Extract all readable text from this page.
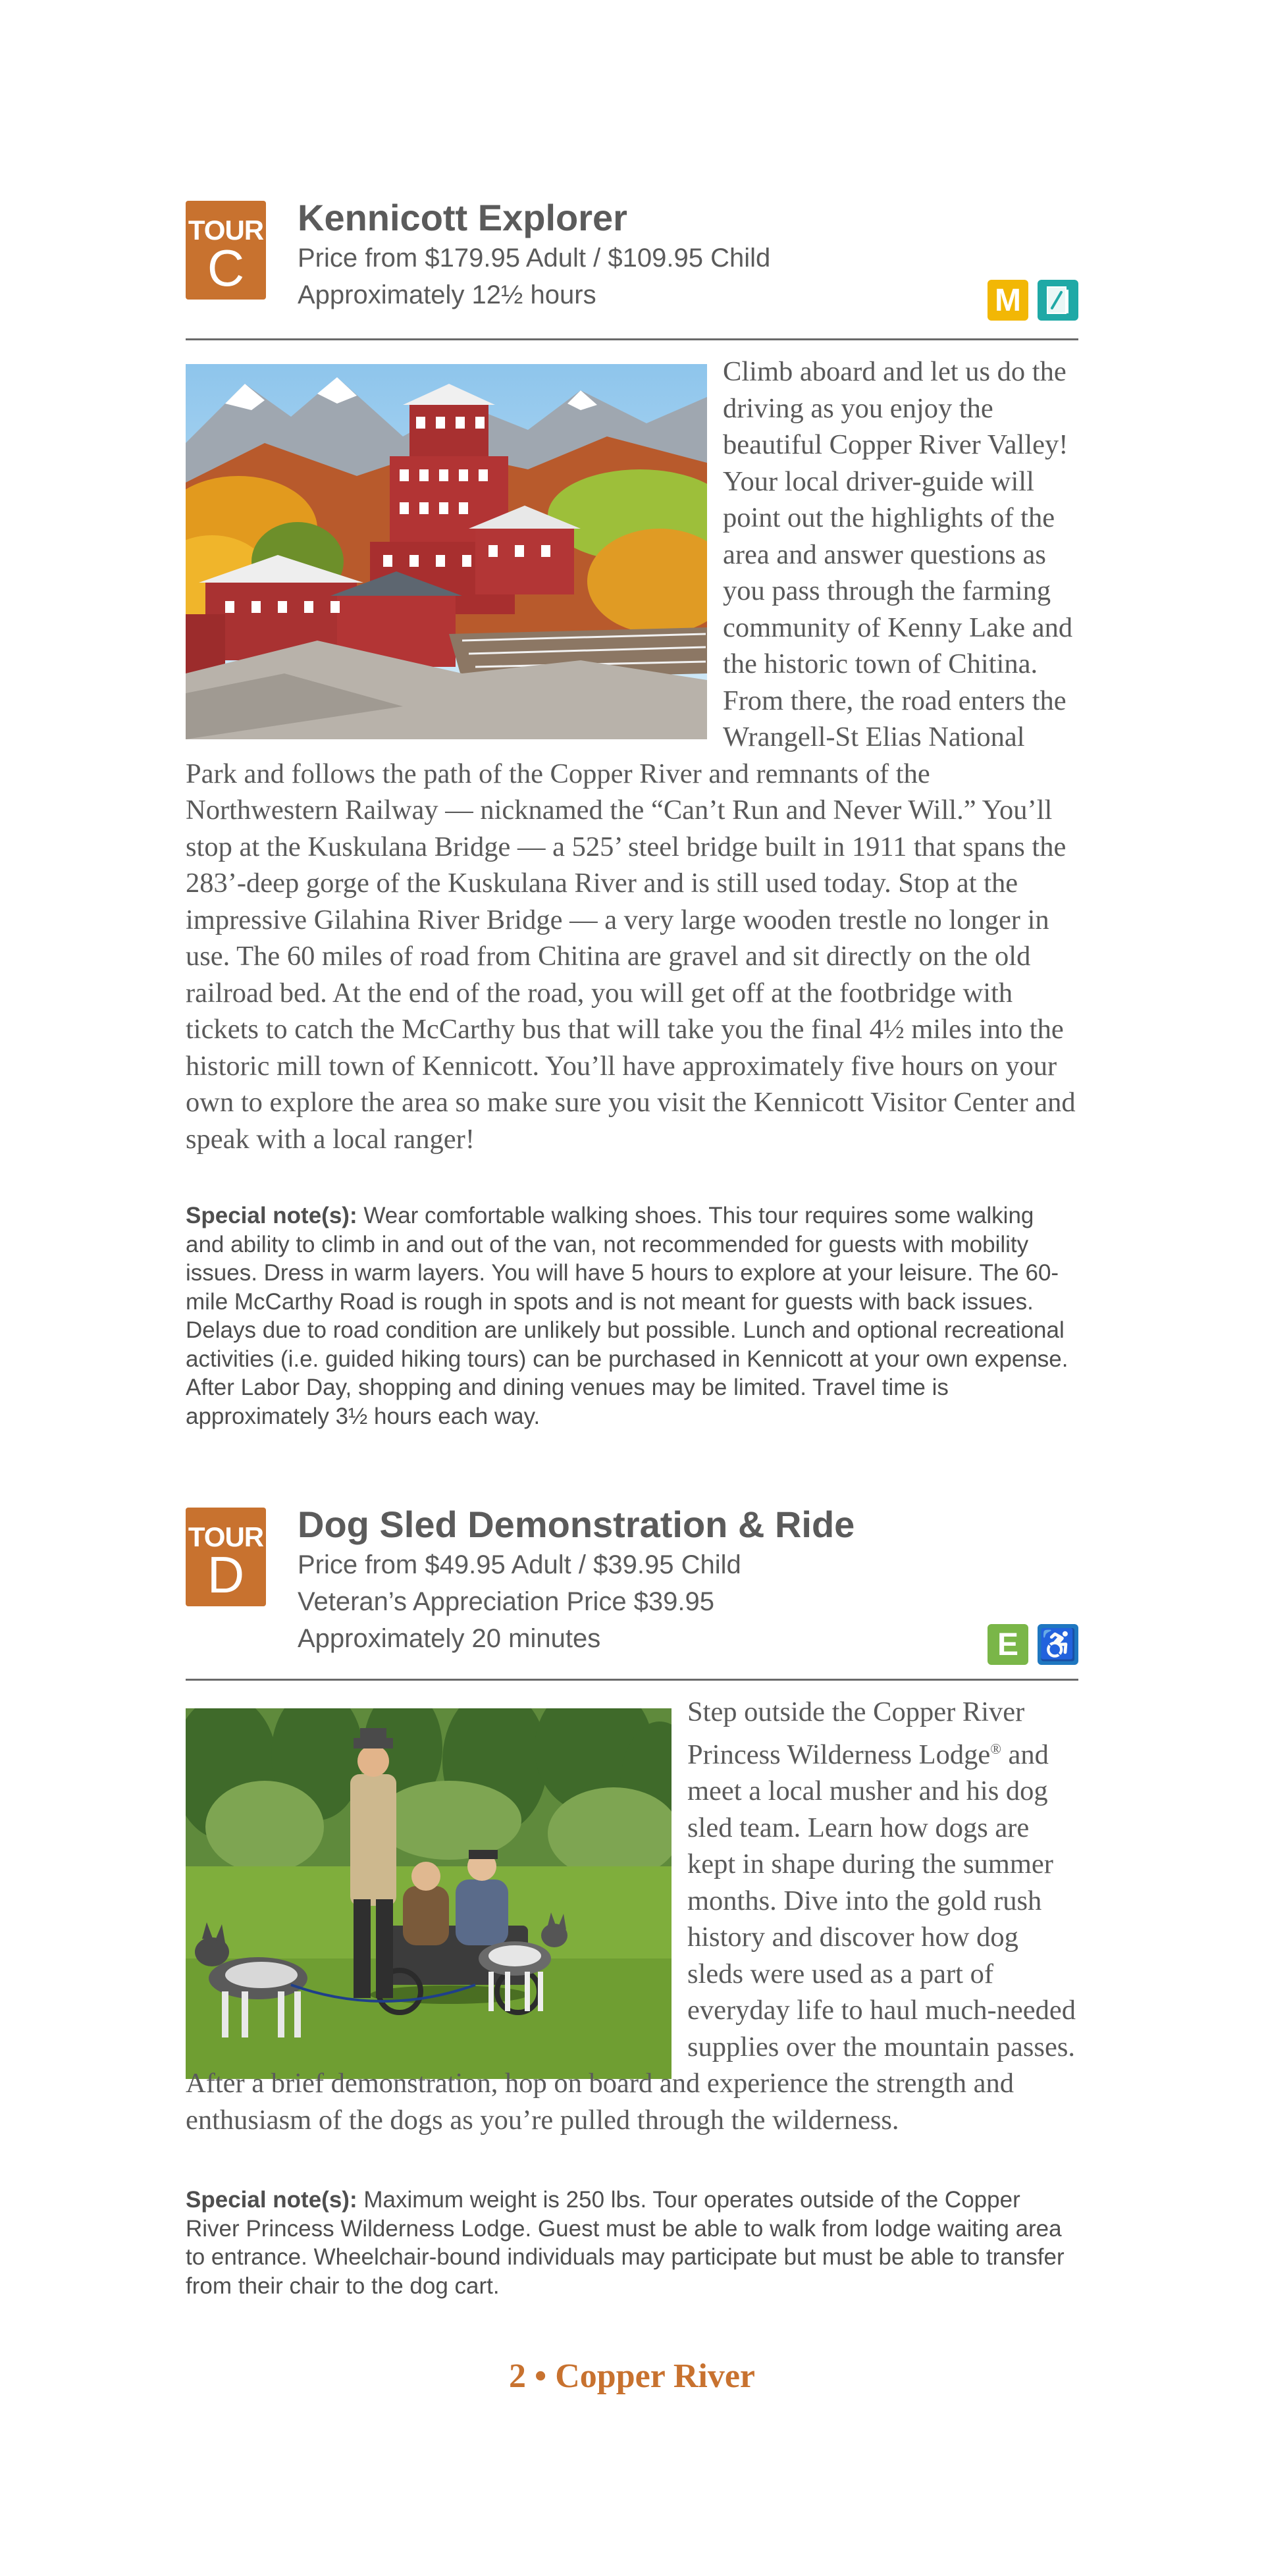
TOUR
C
Kennicott Explorer
Price from $179.95 Adult / $109.95 Child
Approximately 12½ hours	M

Climb aboard and let us do the driving as you enjoy the beautiful Copper River Valley! Your local driver-guide will point out the highlights of the area and answer questions as you pass through the farming community of Kenny Lake and the historic town of Chitina. From there, the road enters the Wrangell-St Elias National Park and follows the path of the Copper River and remnants of the Northwestern Railway — nicknamed the “Can’t Run and Never Will.” You’ll stop at the Kuskulana Bridge — a 525’ steel bridge built in 1911 that spans the 283’-deep gorge of the Kuskulana River and is still used today. Stop at the impressive Gilahina River Bridge — a very large wooden trestle no longer in use. The 60 miles of road from Chitina are gravel and sit directly on the old railroad bed. At the end of the road, you will get off at the footbridge with tickets to catch the McCarthy bus that will take you the final 4½ miles into the historic mill town of Kennicott. You’ll have approximately five hours on your own to explore the area so make sure you visit the Kennicott Visitor Center and speak with a local ranger!

Special note(s): Wear comfortable walking shoes. This tour requires some walking and ability to climb in and out of the van, not recommended for guests with mobility issues. Dress in warm layers. You will have 5 hours to explore at your leisure. The 60-mile McCarthy Road is rough in spots and is not meant for guests with back issues. Delays due to road condition are unlikely but possible. Lunch and optional recreational activities (i.e. guided hiking tours) can be purchased in Kennicott at your own expense. After Labor Day, shopping and dining venues may be limited. Travel time is approximately 3½ hours each way.

TOUR
D
Dog Sled Demonstration & Ride
Price from $49.95 Adult / $39.95 Child
Veteran’s Appreciation Price $39.95
Approximately 20 minutes	E ♿

Step outside the Copper River Princess Wilderness Lodge® and meet a local musher and his dog sled team. Learn how dogs are kept in shape during the summer months. Dive into the gold rush history and discover how dog sleds were used as a part of everyday life to haul much-needed supplies over the mountain passes. After a brief demonstration, hop on board and experience the strength and enthusiasm of the dogs as you’re pulled through the wilderness.

Special note(s): Maximum weight is 250 lbs. Tour operates outside of the Copper River Princess Wilderness Lodge. Guest must be able to walk from lodge waiting area to entrance. Wheelchair-bound individuals may participate but must be able to transfer from their chair to the dog cart.

2 • Copper River
